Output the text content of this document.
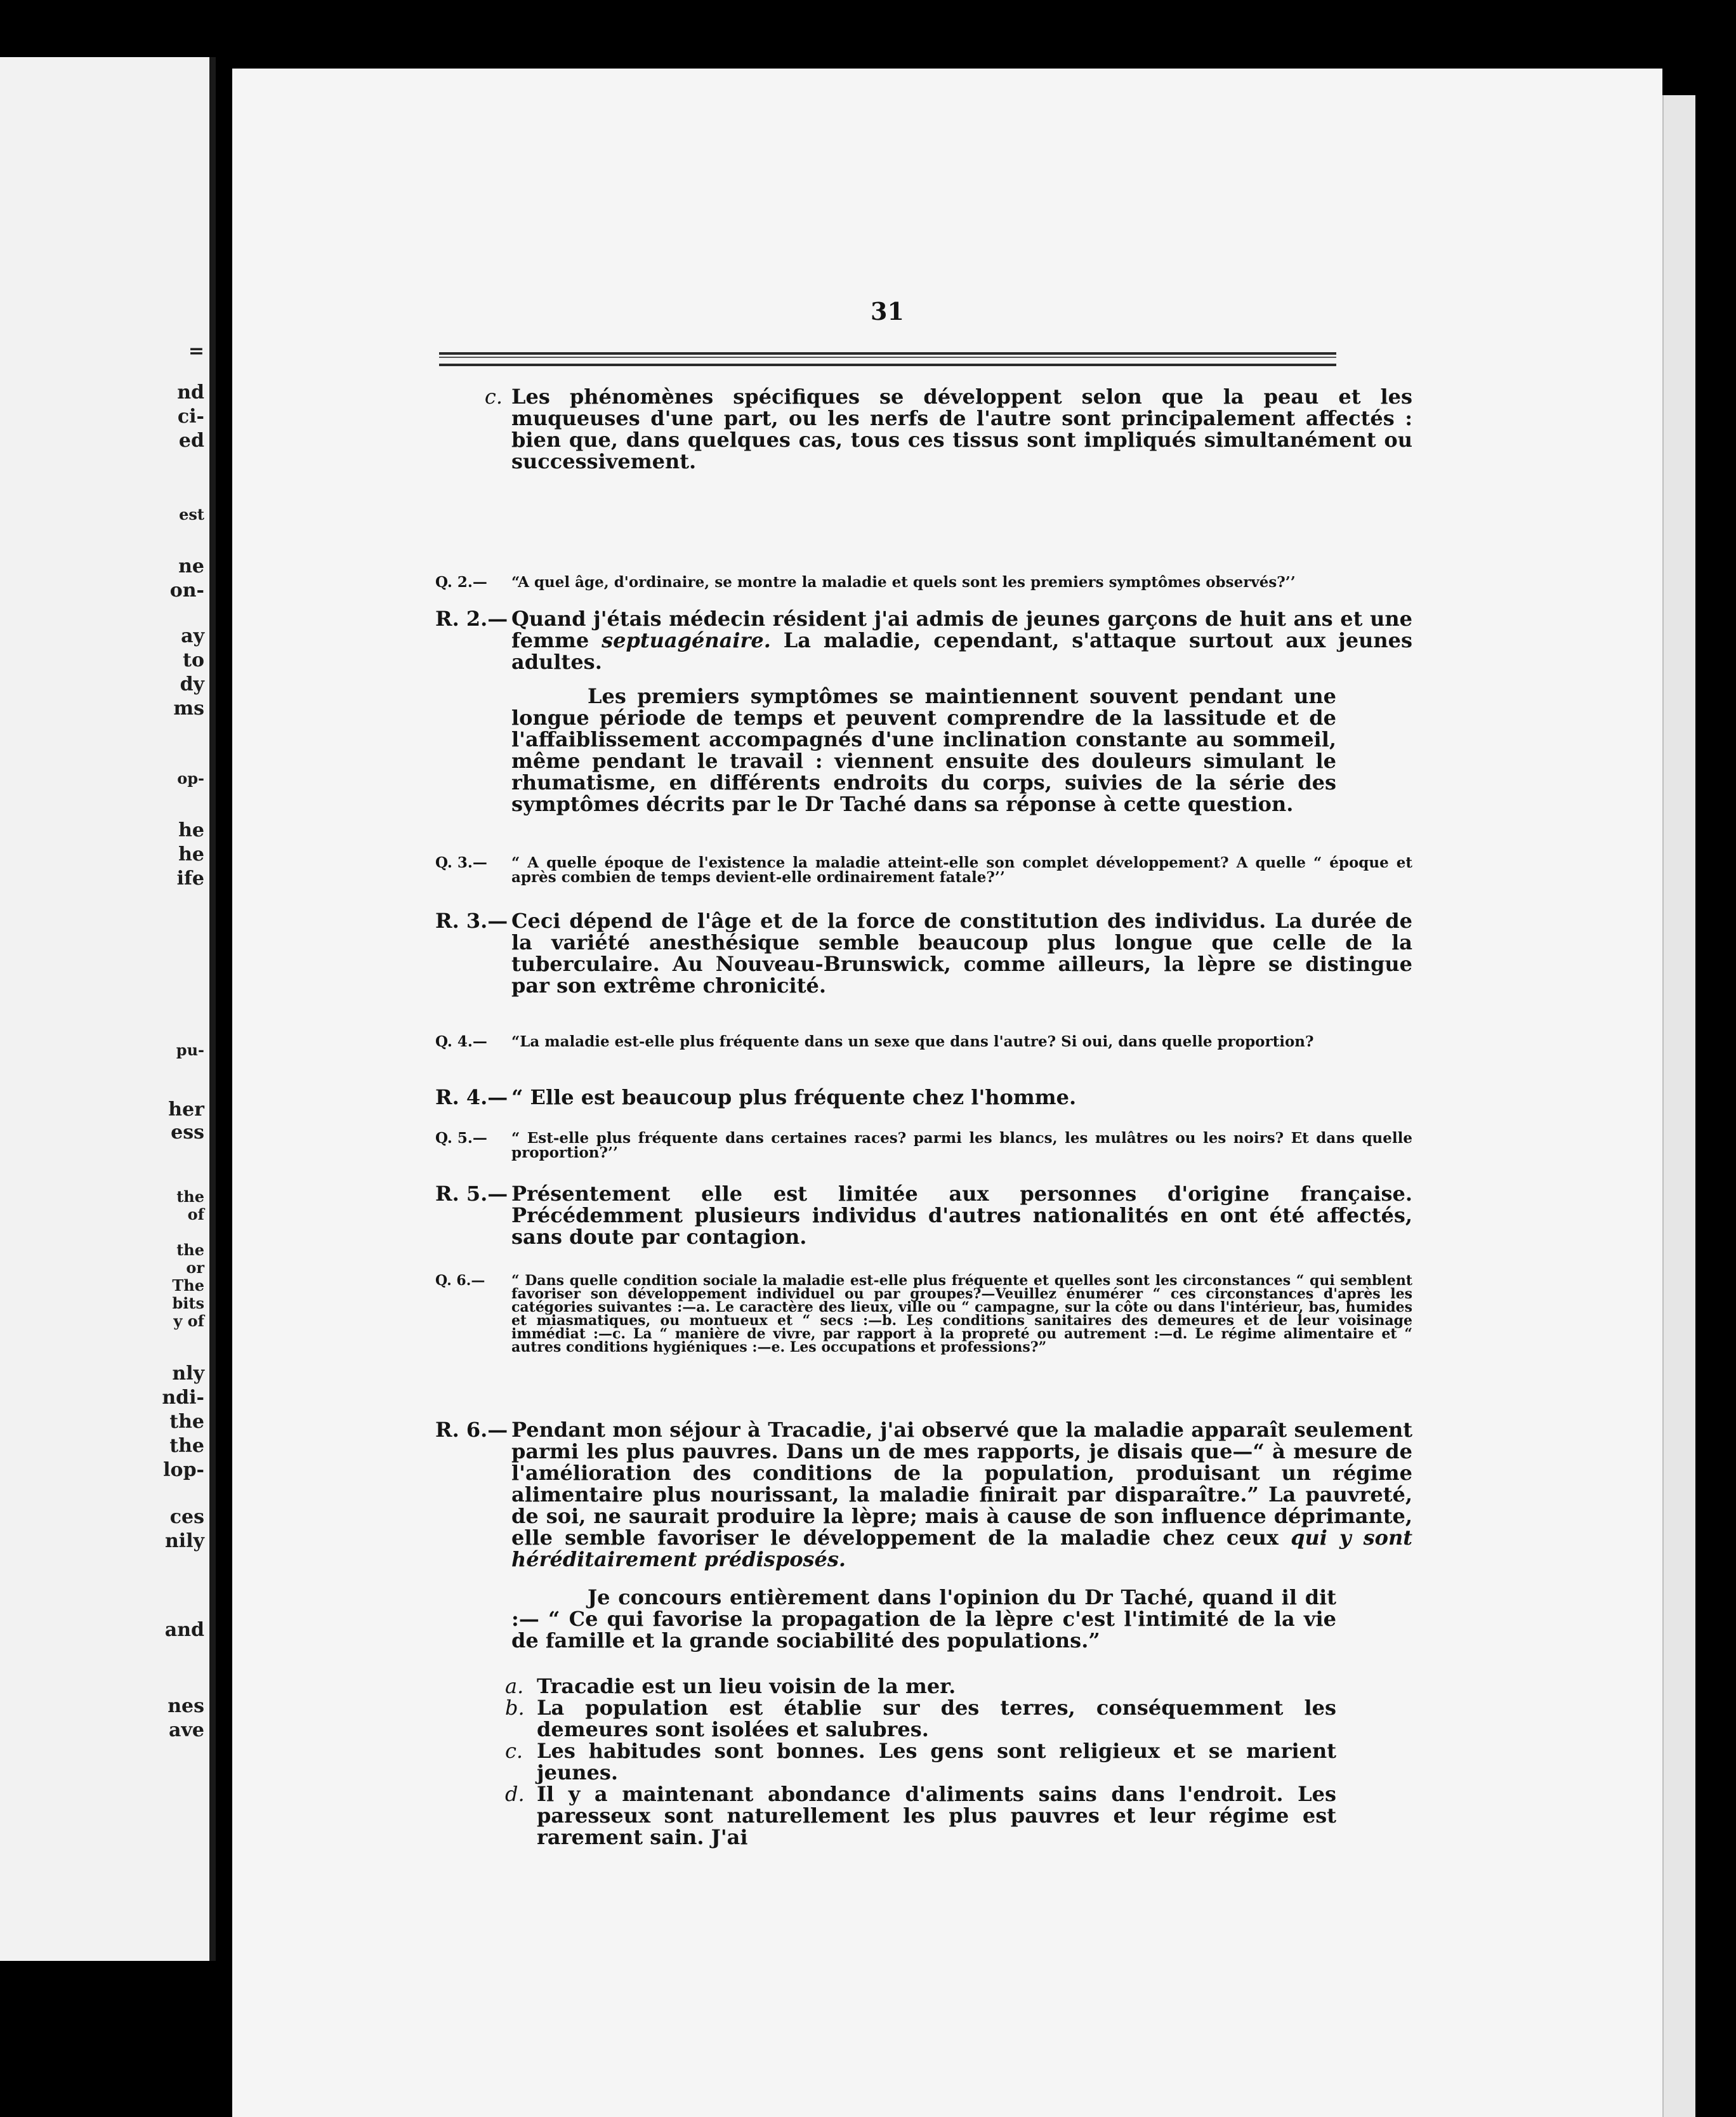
=
nd
ci-
ed
est
ne
on-
ay
to
dy
ms
op-
he
he
ife
pu-
her
ess
the
of
the
or
The
bits
y of
nly
ndi-
the
the
lop-
ces
nily
and
nes
ave
31
c. Les phénomènes spécifiques se développent selon que la peau et les muqueuses d'une part, ou les nerfs de l'autre sont principalement affectés : bien que, dans quelques cas, tous ces tissus sont impliqués simultanément ou successivement.
Q. 2.— “A quel âge, d'ordinaire, se montre la maladie et quels sont les premiers symptômes observés?’’
R. 2.— Quand j'étais médecin résident j'ai admis de jeunes garçons de huit ans et une femme septuagénaire. La maladie, cependant, s'attaque surtout aux jeunes adultes.
Les premiers symptômes se maintiennent souvent pendant une longue période de temps et peuvent comprendre de la lassitude et de l'affaiblissement accompagnés d'une inclination constante au sommeil, même pendant le travail : viennent ensuite des douleurs simulant le rhumatisme, en différents endroits du corps, suivies de la série des symptômes décrits par le Dr Taché dans sa réponse à cette question.
Q. 3.— “ A quelle époque de l'existence la maladie atteint-elle son complet développement? A quelle “ époque et après combien de temps devient-elle ordinairement fatale?’’
R. 3.— Ceci dépend de l'âge et de la force de constitution des individus. La durée de la variété anesthésique semble beaucoup plus longue que celle de la tuberculaire. Au Nouveau-Brunswick, comme ailleurs, la lèpre se distingue par son extrême chronicité.
Q. 4.— “La maladie est-elle plus fréquente dans un sexe que dans l'autre? Si oui, dans quelle proportion?
R. 4.— “ Elle est beaucoup plus fréquente chez l'homme.
Q. 5.— “ Est-elle plus fréquente dans certaines races? parmi les blancs, les mulâtres ou les noirs? Et dans quelle proportion?’’
R. 5.— Présentement elle est limitée aux personnes d'origine française. Précédemment plusieurs individus d'autres nationalités en ont été affectés, sans doute par contagion.
Q. 6.— “ Dans quelle condition sociale la maladie est-elle plus fréquente et quelles sont les circonstances “ qui semblent favoriser son développement individuel ou par groupes?—Veuillez énumérer “ ces circonstances d'après les catégories suivantes :—a. Le caractère des lieux, ville ou “ campagne, sur la côte ou dans l'intérieur, bas, humides et miasmatiques, ou montueux et “ secs :—b. Les conditions sanitaires des demeures et de leur voisinage immédiat :—c. La “ manière de vivre, par rapport à la propreté ou autrement :—d. Le régime alimentaire et “ autres conditions hygiéniques :—e. Les occupations et professions?”
R. 6.— Pendant mon séjour à Tracadie, j'ai observé que la maladie apparaît seulement parmi les plus pauvres. Dans un de mes rapports, je disais que—“ à mesure de l'amélioration des conditions de la population, produisant un régime alimentaire plus nourissant, la maladie finirait par disparaître.” La pauvreté, de soi, ne saurait produire la lèpre; mais à cause de son influence déprimante, elle semble favoriser le développement de la maladie chez ceux qui y sont héréditairement prédisposés.
Je concours entièrement dans l'opinion du Dr Taché, quand il dit :— “ Ce qui favorise la propagation de la lèpre c'est l'intimité de la vie de famille et la grande sociabilité des populations.”
a. Tracadie est un lieu voisin de la mer.
b. La population est établie sur des terres, conséquemment les demeures sont isolées et salubres.
c. Les habitudes sont bonnes. Les gens sont religieux et se marient jeunes.
d. Il y a maintenant abondance d'aliments sains dans l'endroit. Les paresseux sont naturellement les plus pauvres et leur régime est rarement sain. J'ai
